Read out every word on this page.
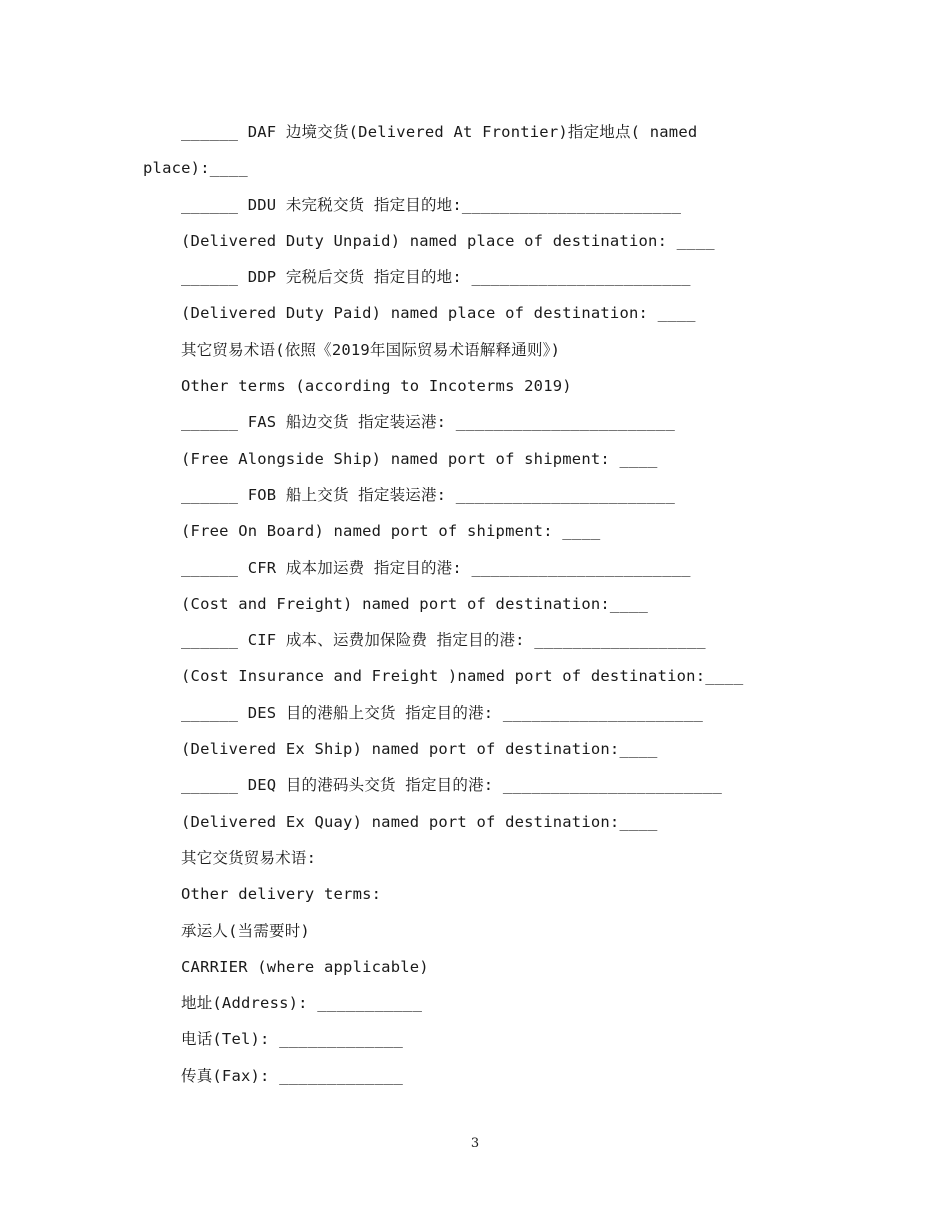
______ DAF 边境交货(Delivered At Frontier)指定地点( named
place):____
______ DDU 未完税交货 指定目的地:_______________________
(Delivered Duty Unpaid) named place of destination: ____
______ DDP 完税后交货 指定目的地: _______________________
(Delivered Duty Paid) named place of destination: ____
其它贸易术语(依照《2019年国际贸易术语解释通则》)
Other terms (according to Incoterms 2019)
______ FAS 船边交货 指定装运港: _______________________
(Free Alongside Ship) named port of shipment: ____
______ FOB 船上交货 指定装运港: _______________________
(Free On Board) named port of shipment: ____
______ CFR 成本加运费 指定目的港: _______________________
(Cost and Freight) named port of destination:____
______ CIF 成本、运费加保险费 指定目的港: __________________
(Cost Insurance and Freight )named port of destination:____
______ DES 目的港船上交货 指定目的港: _____________________
(Delivered Ex Ship) named port of destination:____
______ DEQ 目的港码头交货 指定目的港: _______________________
(Delivered Ex Quay) named port of destination:____
其它交货贸易术语:
Other delivery terms:
承运人(当需要时)
CARRIER (where applicable)
地址(Address): ___________
电话(Tel): _____________
传真(Fax): _____________
3
